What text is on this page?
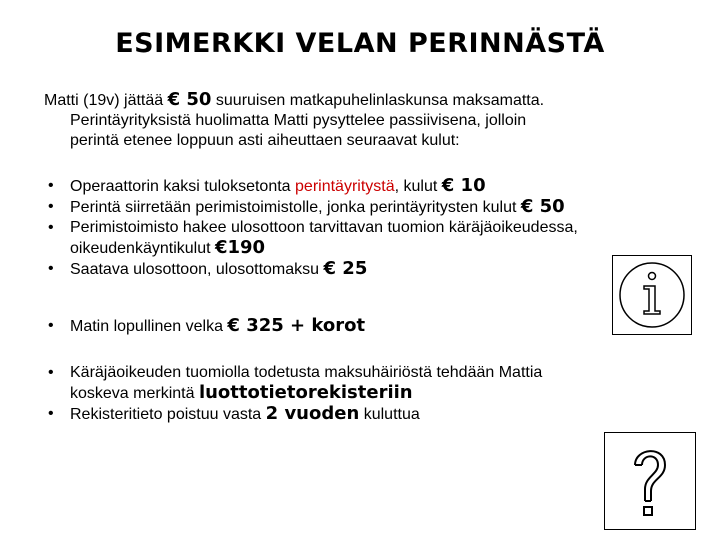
ESIMERKKI VELAN PERINNÄSTÄ
Matti (19v) jättää € 50 suuruisen matkapuhelinlaskunsa maksamatta.
Perintäyrityksistä huolimatta Matti pysyttelee passiivisena, jolloin
perintä etenee loppuun asti aiheuttaen seuraavat kulut:
• Operaattorin kaksi tuloksetonta perintäyritystä, kulut € 10
• Perintä siirretään perimistoimistolle, jonka perintäyritysten kulut € 50
• Perimistoimisto hakee ulosottoon tarvittavan tuomion käräjäoikeudessa,
oikeudenkäyntikulut €190
• Saatava ulosottoon, ulosottomaksu € 25
• Matin lopullinen velka € 325 + korot
• Käräjäoikeuden tuomiolla todetusta maksuhäiriöstä tehdään Mattia
koskeva merkintä luottotietorekisteriin
• Rekisteritieto poistuu vasta 2 vuoden kuluttua
